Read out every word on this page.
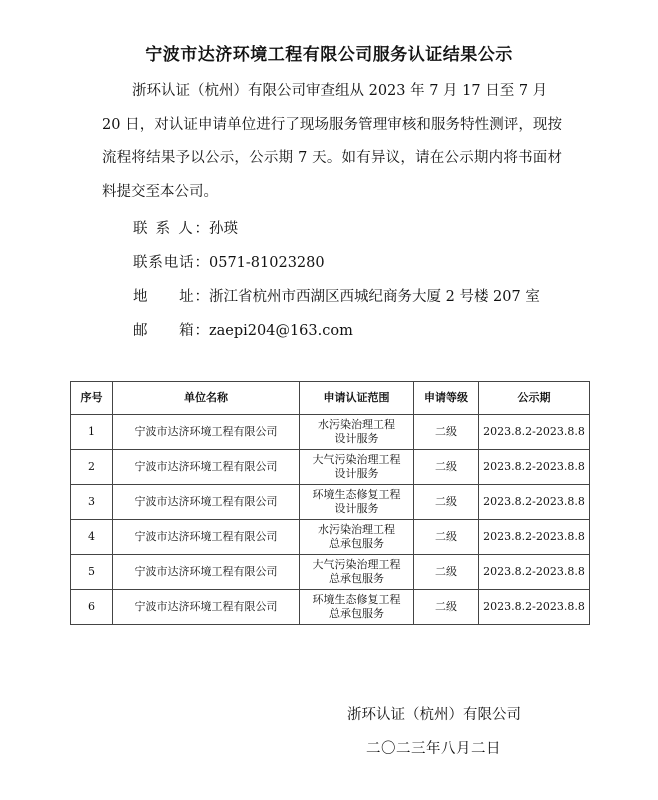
宁波市达济环境工程有限公司服务认证结果公示
浙环认证（杭州）有限公司审查组从 2023 年 7 月 17 日至 7 月
20 日，对认证申请单位进行了现场服务管理审核和服务特性测评，现按流程将结果予以公示，公示期 7 天。如有异议，请在公示期内将书面材料提交至本公司。
联 系 人：孙瑛
联系电话：0571-81023280
地　　址：浙江省杭州市西湖区西城纪商务大厦 2 号楼 207 室
邮　　箱：zaepi204@163.com
序号	单位名称	申请认证范围	申请等级	公示期
1	宁波市达济环境工程有限公司	水污染治理工程
设计服务	二级	2023.8.2-2023.8.8
2	宁波市达济环境工程有限公司	大气污染治理工程
设计服务	二级	2023.8.2-2023.8.8
3	宁波市达济环境工程有限公司	环境生态修复工程
设计服务	二级	2023.8.2-2023.8.8
4	宁波市达济环境工程有限公司	水污染治理工程
总承包服务	二级	2023.8.2-2023.8.8
5	宁波市达济环境工程有限公司	大气污染治理工程
总承包服务	二级	2023.8.2-2023.8.8
6	宁波市达济环境工程有限公司	环境生态修复工程
总承包服务	二级	2023.8.2-2023.8.8
浙环认证（杭州）有限公司
二〇二三年八月二日
